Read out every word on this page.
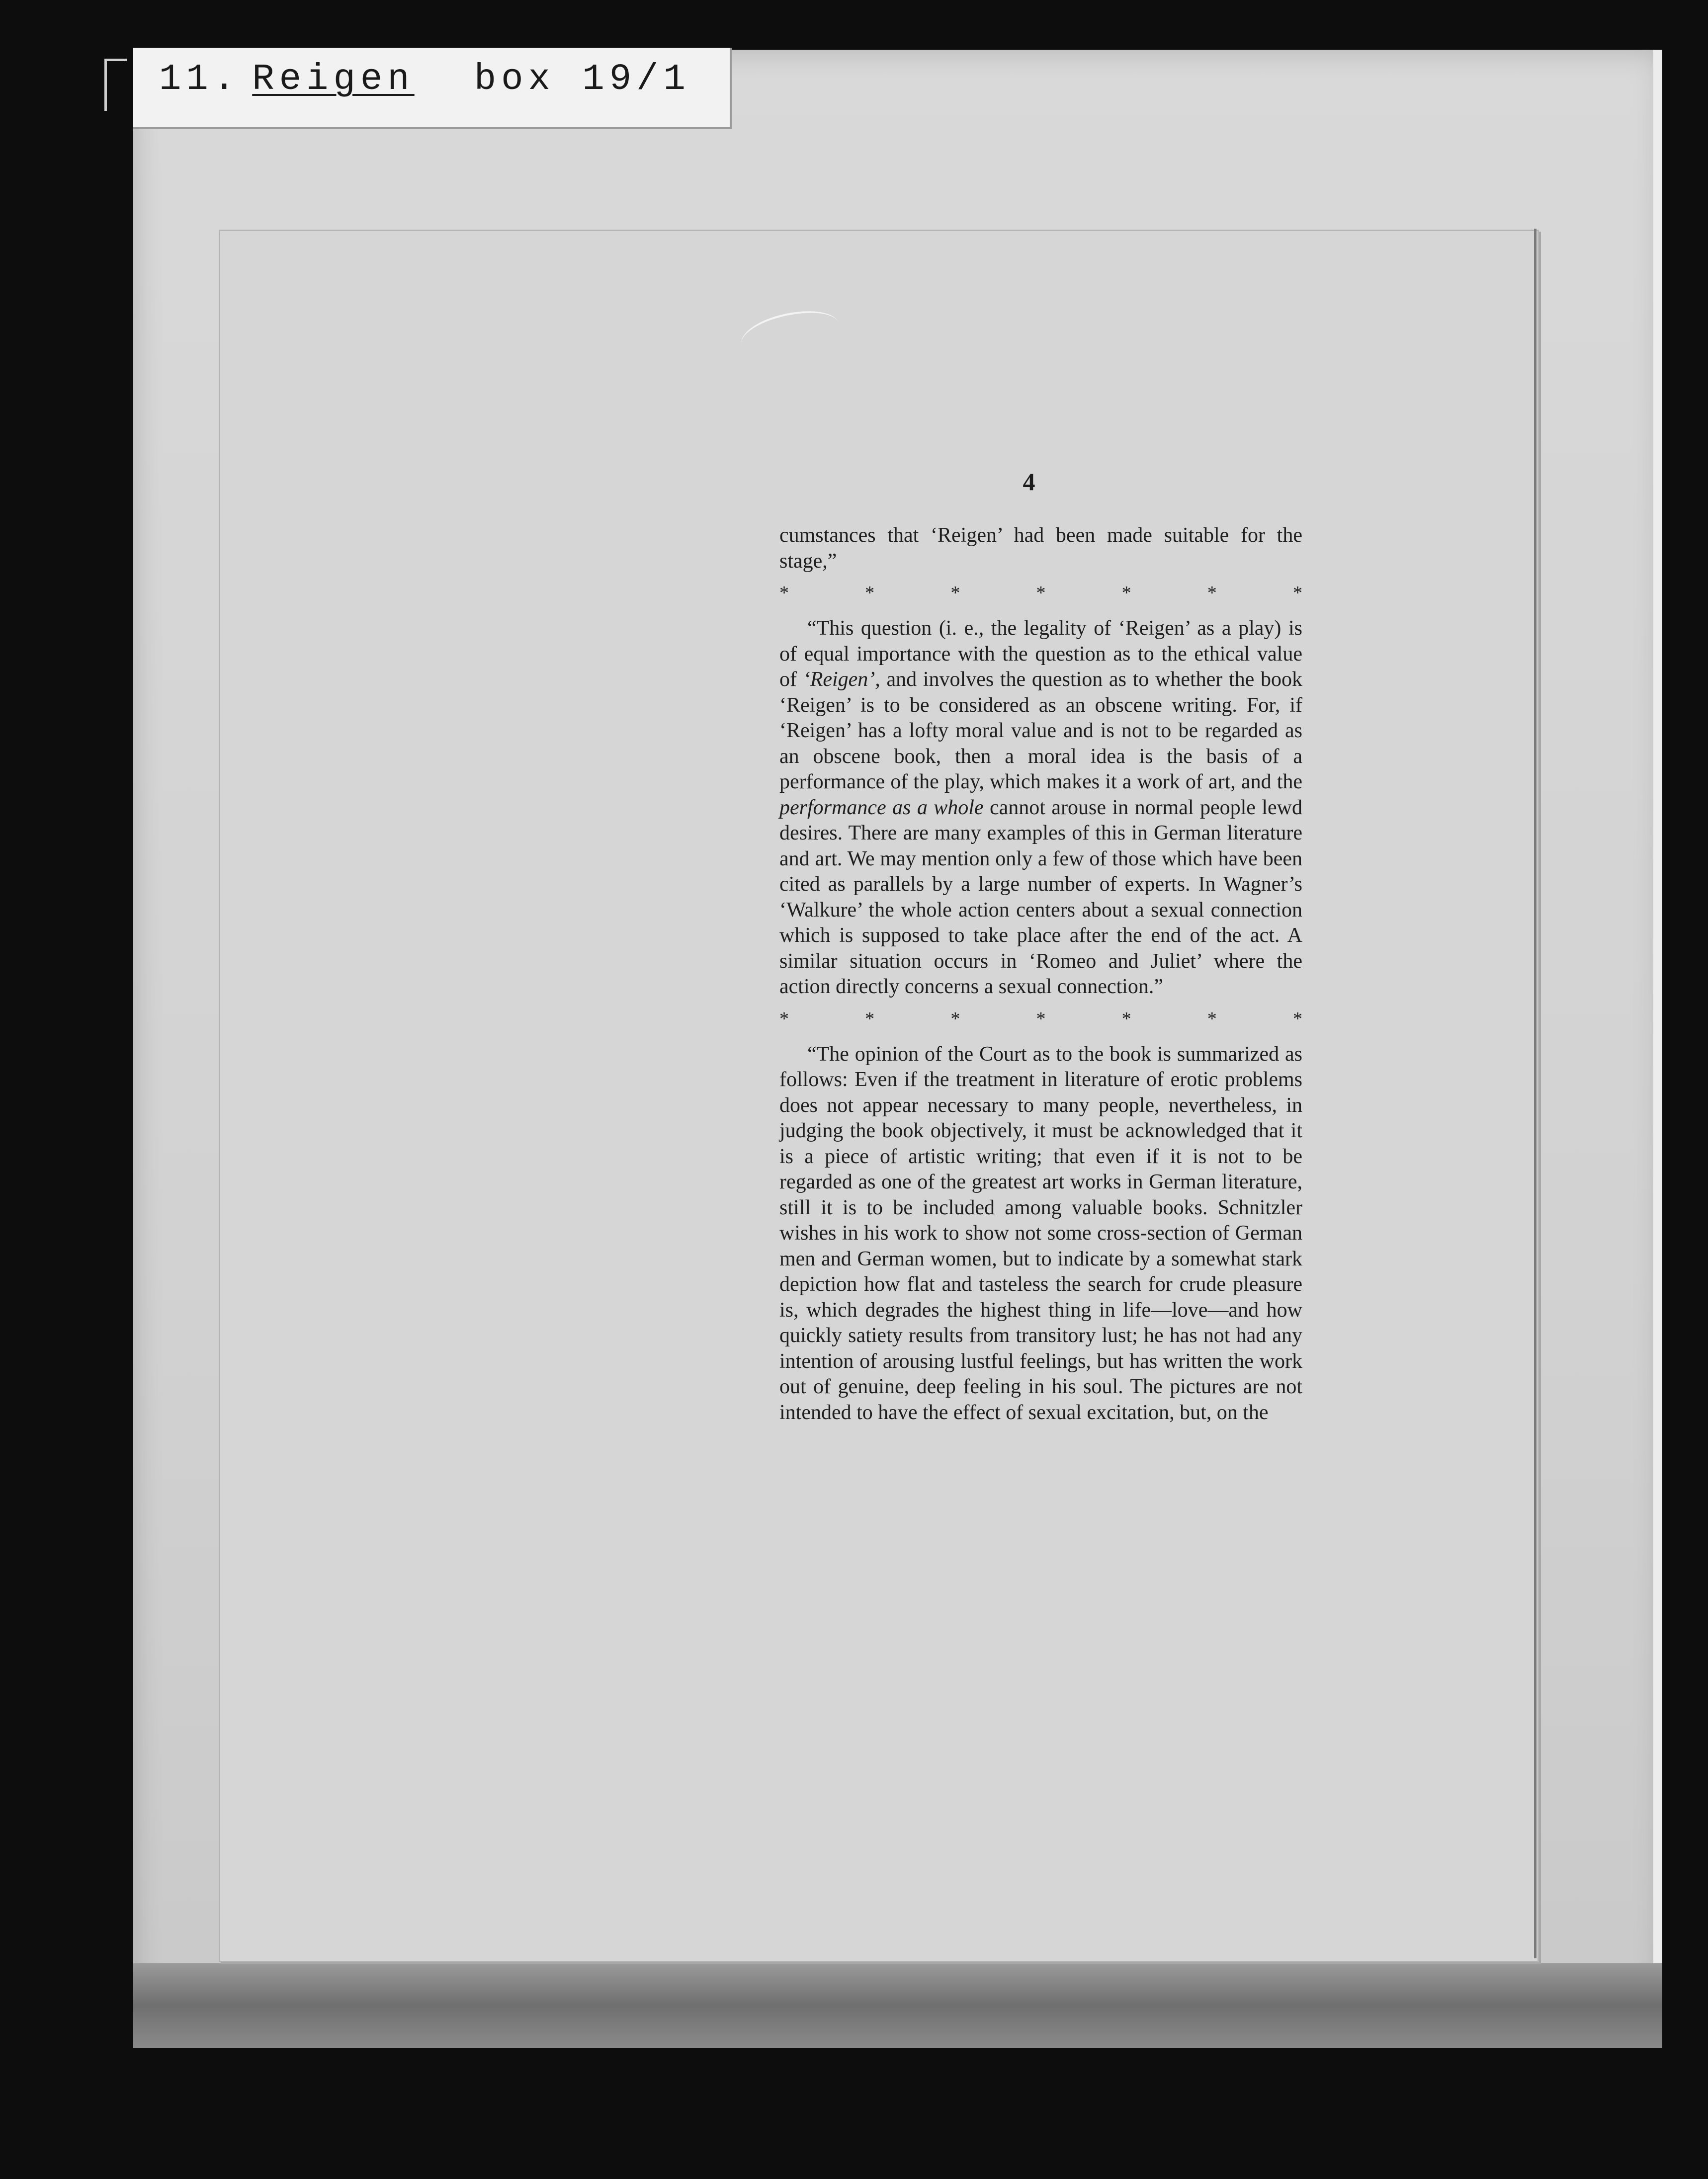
11. Reigen box 19/1
4

cumstances that ‘Reigen’ had been made suitable for the stage,”

*	*	*	*	*	*	*

“This question (i. e., the legality of ‘Reigen’ as a play) is of equal importance with the question as to the ethical value of ‘Reigen’, and involves the question as to whether the book ‘Reigen’ is to be considered as an obscene writing. For, if ‘Reigen’ has a lofty moral value and is not to be regarded as an obscene book, then a moral idea is the basis of a performance of the play, which makes it a work of art, and the performance as a whole cannot arouse in normal people lewd desires. There are many examples of this in German literature and art. We may mention only a few of those which have been cited as parallels by a large number of experts. In Wagner’s ‘Walkure’ the whole action centers about a sexual connection which is supposed to take place after the end of the act. A similar situation occurs in ‘Romeo and Juliet’ where the action directly concerns a sexual connection.”

*	*	*	*	*	*	*

“The opinion of the Court as to the book is summarized as follows: Even if the treatment in literature of erotic problems does not appear necessary to many people, nevertheless, in judging the book objectively, it must be acknowledged that it is a piece of artistic writing; that even if it is not to be regarded as one of the greatest art works in German literature, still it is to be included among valuable books. Schnitzler wishes in his work to show not some cross-section of German men and German women, but to indicate by a somewhat stark depiction how flat and tasteless the search for crude pleasure is, which degrades the highest thing in life—love—and how quickly satiety results from transitory lust; he has not had any intention of arousing lustful feelings, but has written the work out of genuine, deep feeling in his soul. The pictures are not intended to have the effect of sexual excitation, but, on the
